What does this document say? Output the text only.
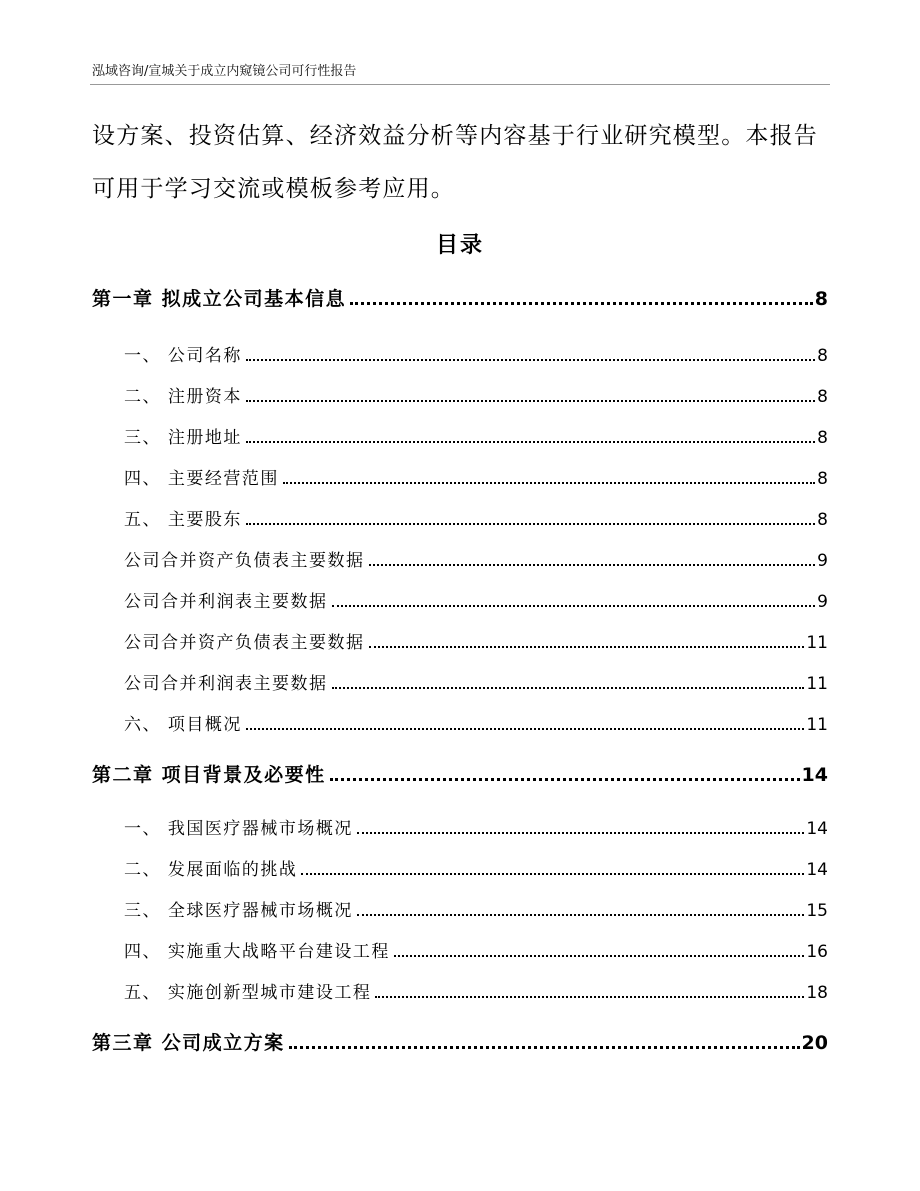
泓域咨询/宣城关于成立内窥镜公司可行性报告

设方案、投资估算、经济效益分析等内容基于行业研究模型。本报告

可用于学习交流或模板参考应用。

目录
第一章 拟成立公司基本信息	8
一、 公司名称	8
二、 注册资本	8
三、 注册地址	8
四、 主要经营范围	8
五、 主要股东	8
公司合并资产负债表主要数据	9
公司合并利润表主要数据	9
公司合并资产负债表主要数据	11
公司合并利润表主要数据	11
六、 项目概况	11
第二章 项目背景及必要性	14
一、 我国医疗器械市场概况	14
二、 发展面临的挑战	14
三、 全球医疗器械市场概况	15
四、 实施重大战略平台建设工程	16
五、 实施创新型城市建设工程	18
第三章 公司成立方案	20
